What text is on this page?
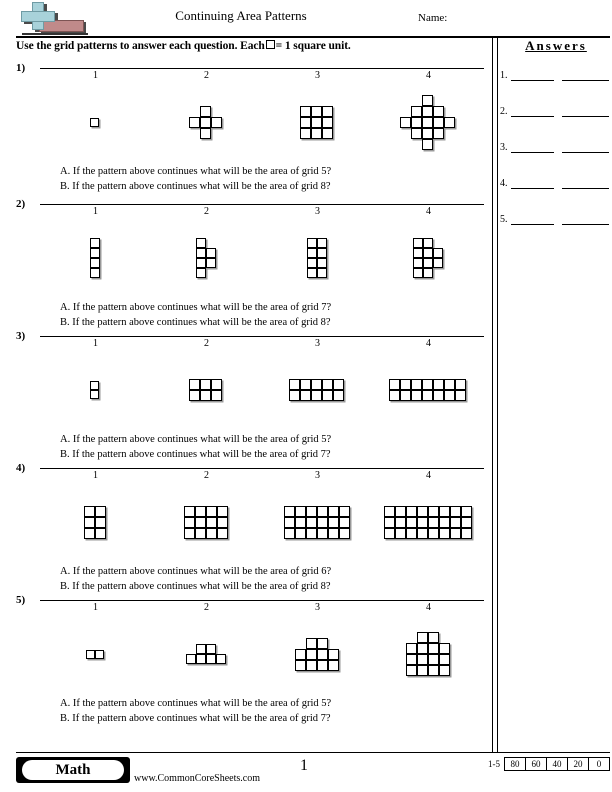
Continuing Area Patterns	Name:
Use the grid patterns to answer each question. Each = 1 square unit.	Answers
1.
2.
3.
4.
5.
1)
1	2	3	4
A. If the pattern above continues what will be the area of grid 5?
B. If the pattern above continues what will be the area of grid 8?
2)
1	2	3	4
A. If the pattern above continues what will be the area of grid 7?
B. If the pattern above continues what will be the area of grid 8?
3)
1	2	3	4
A. If the pattern above continues what will be the area of grid 5?
B. If the pattern above continues what will be the area of grid 7?
4)
1	2	3	4
A. If the pattern above continues what will be the area of grid 6?
B. If the pattern above continues what will be the area of grid 8?
5)
1	2	3	4
A. If the pattern above continues what will be the area of grid 5?
B. If the pattern above continues what will be the area of grid 7?
Math
www.CommonCoreSheets.com
1	1-5	80	60	40	20	0
